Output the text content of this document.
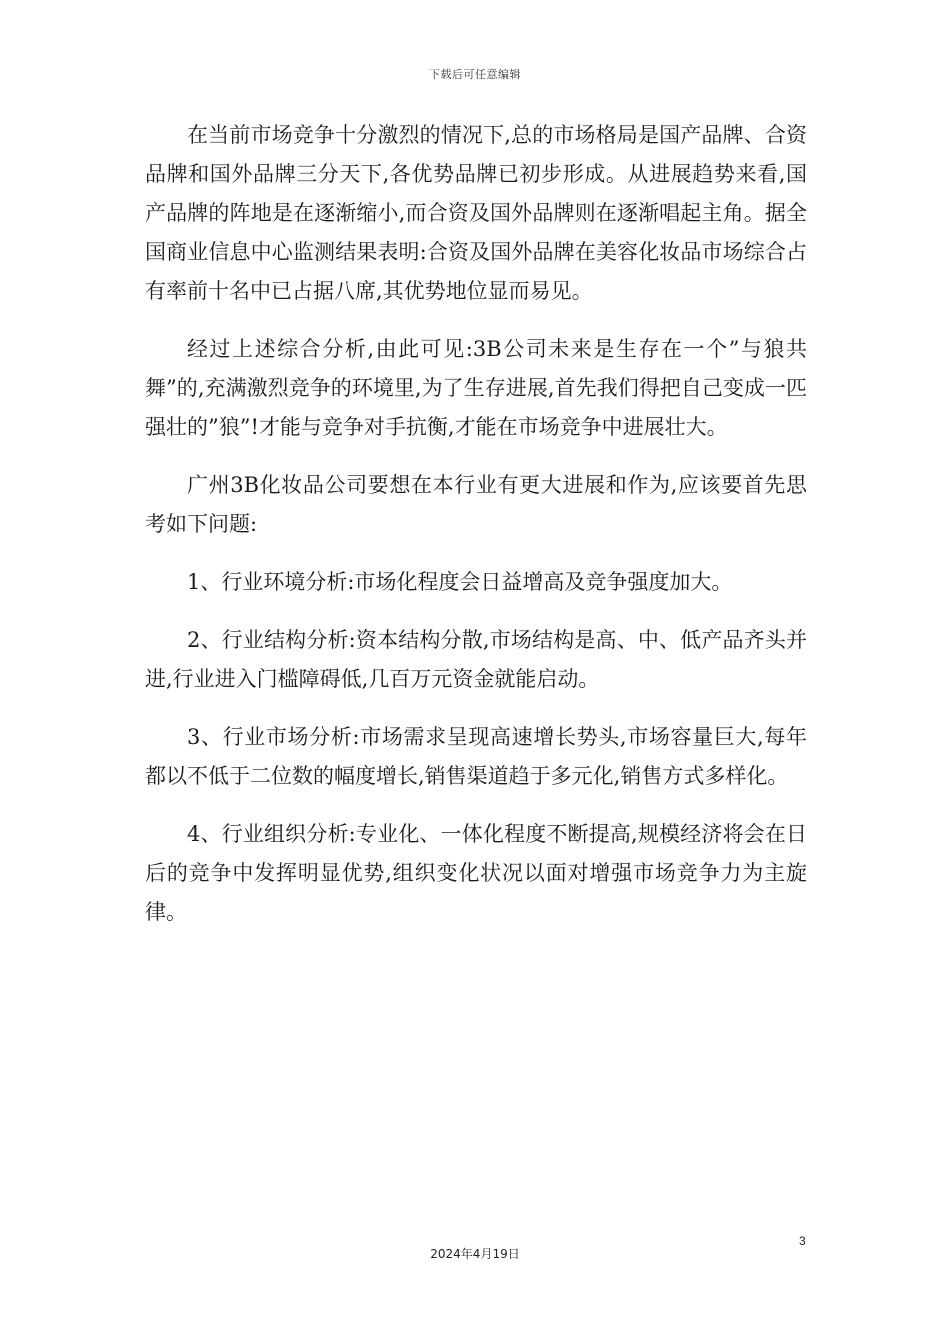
下载后可任意编辑

在当前市场竞争十分激烈的情况下,总的市场格局是国产品牌、合资品牌和国外品牌三分天下,各优势品牌已初步形成。从进展趋势来看,国产品牌的阵地是在逐渐缩小,而合资及国外品牌则在逐渐唱起主角。据全国商业信息中心监测结果表明:合资及国外品牌在美容化妆品市场综合占有率前十名中已占据八席,其优势地位显而易见。

经过上述综合分析,由此可见:3B公司未来是生存在一个”与狼共舞”的,充满激烈竞争的环境里,为了生存进展,首先我们得把自己变成一匹强壮的”狼”!才能与竞争对手抗衡,才能在市场竞争中进展壮大。

广州3B化妆品公司要想在本行业有更大进展和作为,应该要首先思考如下问题:

1、行业环境分析:市场化程度会日益增高及竞争强度加大。

2、行业结构分析:资本结构分散,市场结构是高、中、低产品齐头并进,行业进入门槛障碍低,几百万元资金就能启动。

3、行业市场分析:市场需求呈现高速增长势头,市场容量巨大,每年都以不低于二位数的幅度增长,销售渠道趋于多元化,销售方式多样化。

4、行业组织分析:专业化、一体化程度不断提高,规模经济将会在日后的竞争中发挥明显优势,组织变化状况以面对增强市场竞争力为主旋律。

3
2024年4月19日
